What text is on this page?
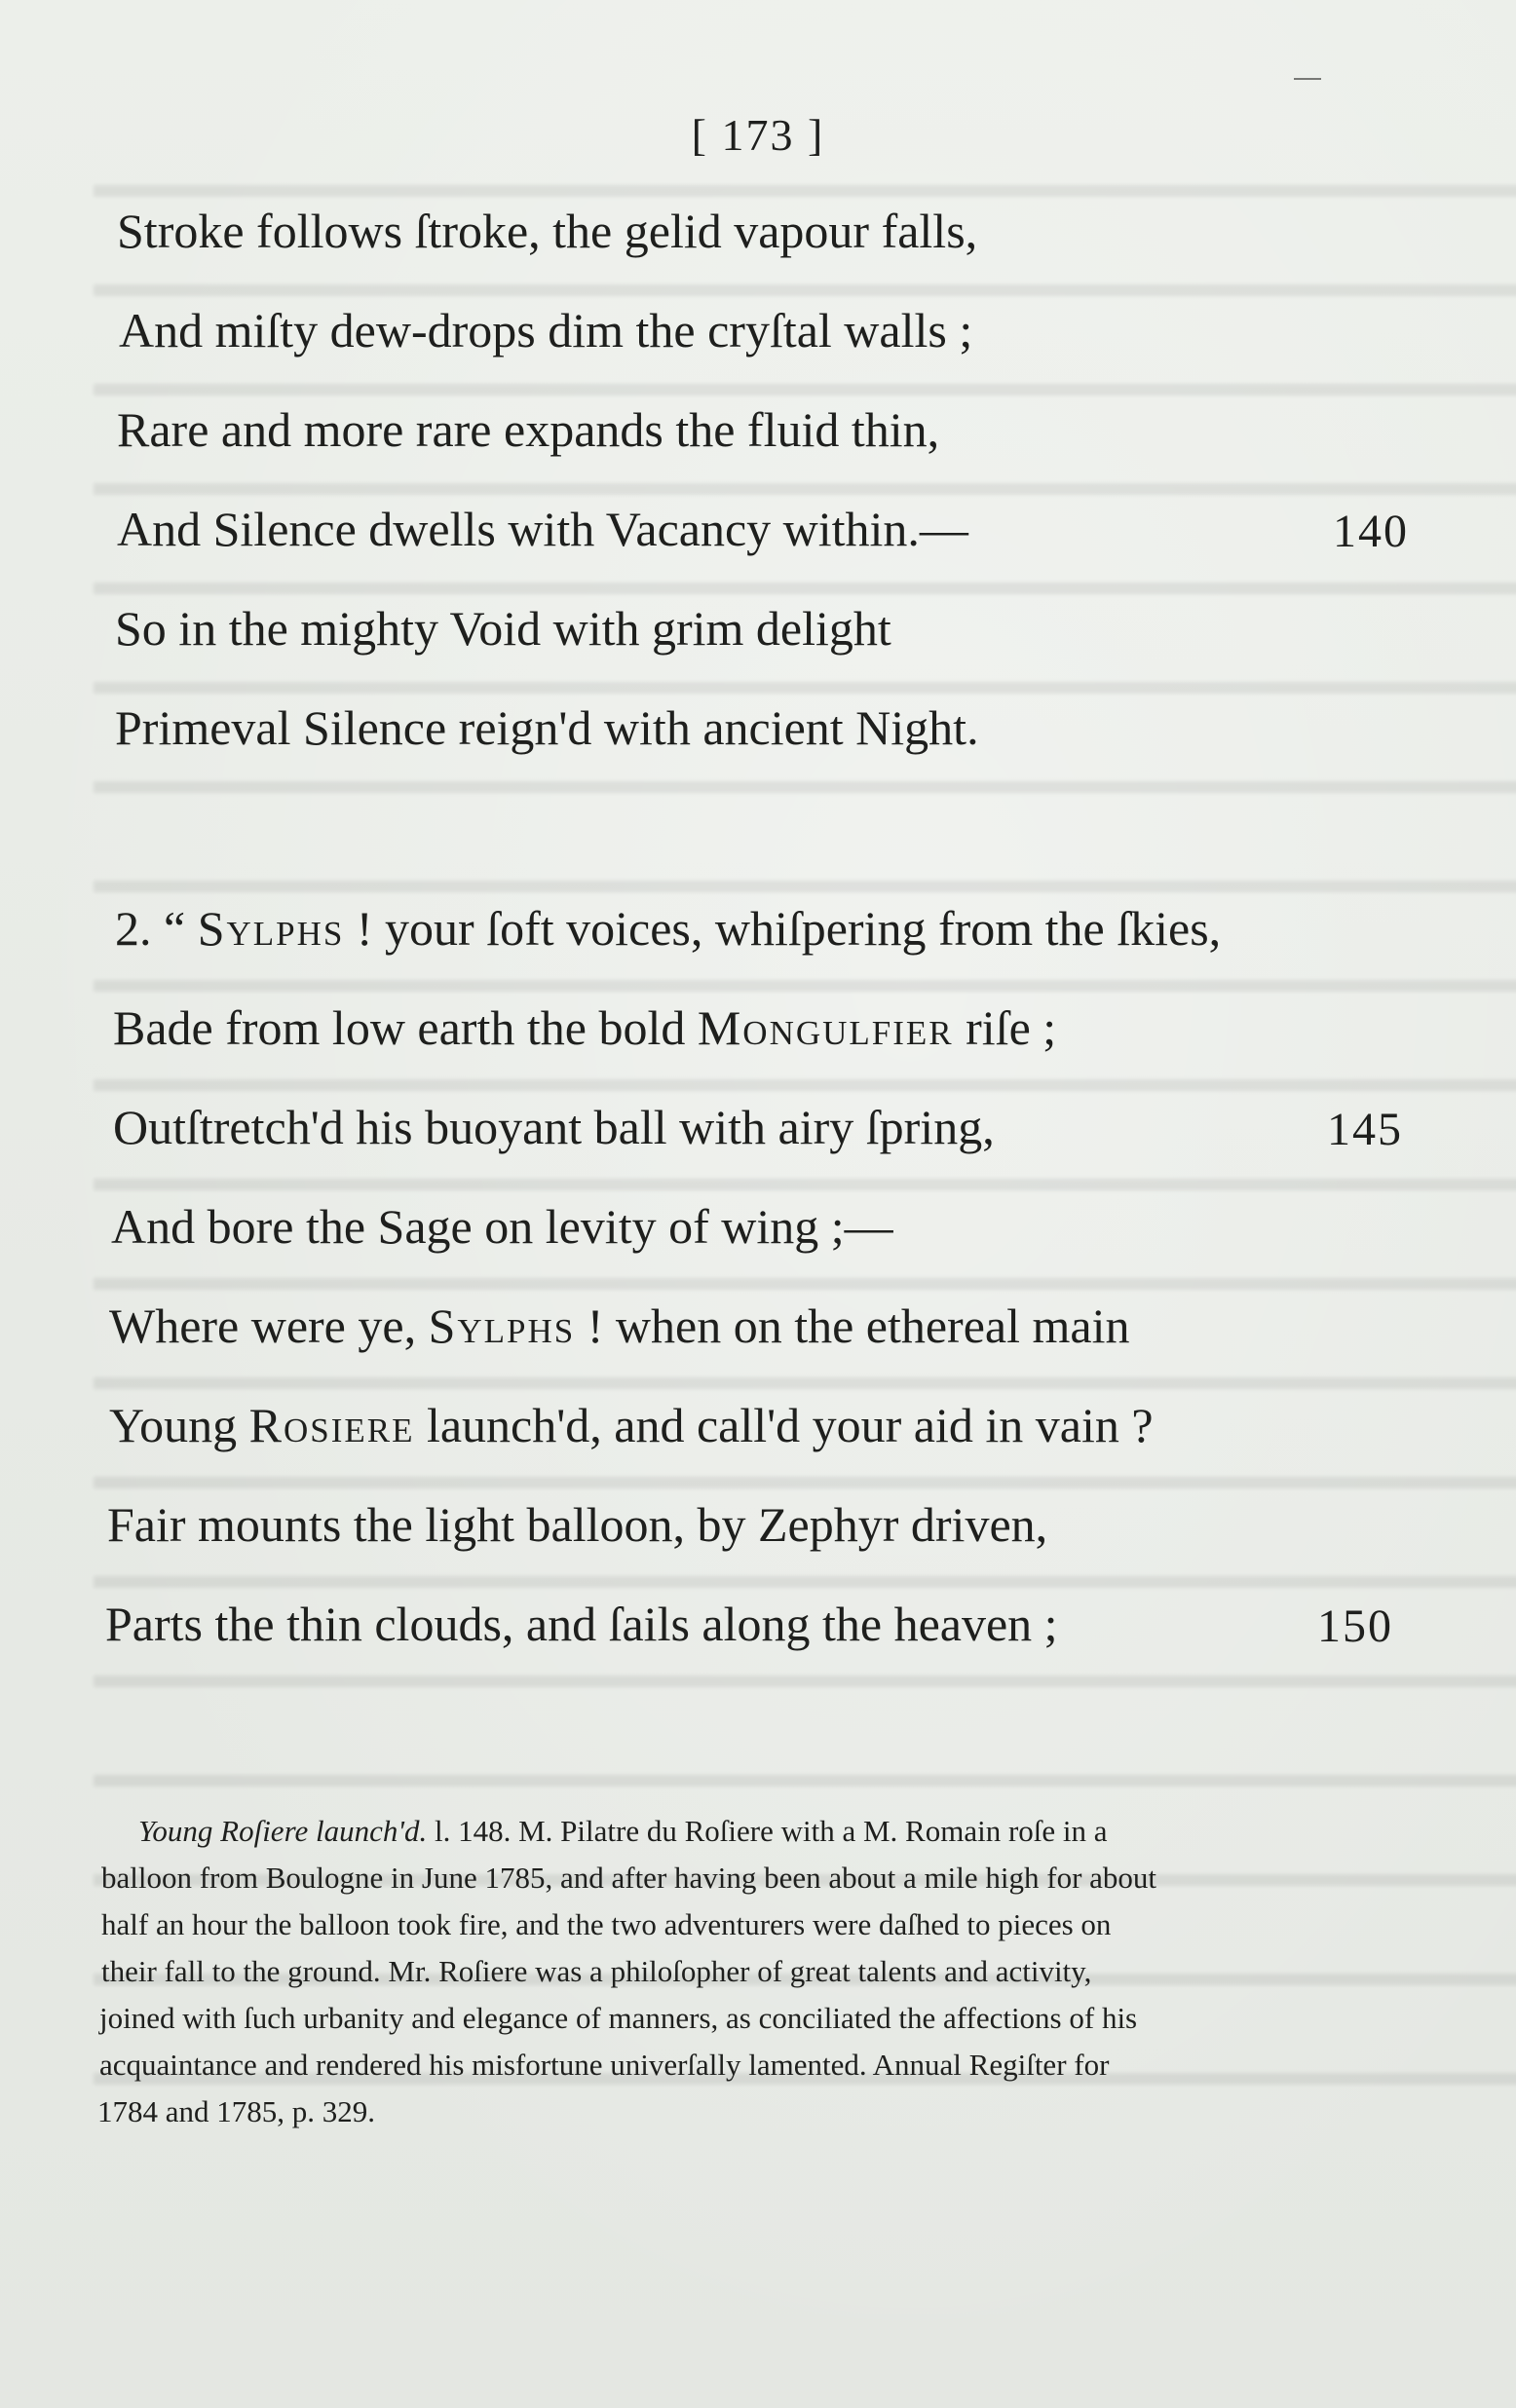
[ 173 ]
Stroke follows ſtroke, the gelid vapour falls,
And miſty dew-drops dim the cryſtal walls ;
Rare and more rare expands the fluid thin,
And Silence dwells with Vacancy within.—	140
So in the mighty Void with grim delight
Primeval Silence reign'd with ancient Night.
2. “ Sylphs ! your ſoft voices, whiſpering from the ſkies,
Bade from low earth the bold Mongulfier riſe ;
Outſtretch'd his buoyant ball with airy ſpring,	145
And bore the Sage on levity of wing ;—
Where were ye, Sylphs ! when on the ethereal main
Young Rosiere launch'd, and call'd your aid in vain ?
Fair mounts the light balloon, by Zephyr driven,
Parts the thin clouds, and ſails along the heaven ;	150
Young Roſiere launch'd. l. 148. M. Pilatre du Roſiere with a M. Romain roſe in a
balloon from Boulogne in June 1785, and after having been about a mile high for about
half an hour the balloon took fire, and the two adventurers were daſhed to pieces on
their fall to the ground. Mr. Roſiere was a philoſopher of great talents and activity,
joined with ſuch urbanity and elegance of manners, as conciliated the affections of his
acquaintance and rendered his misfortune univerſally lamented. Annual Regiſter for
1784 and 1785, p. 329.
